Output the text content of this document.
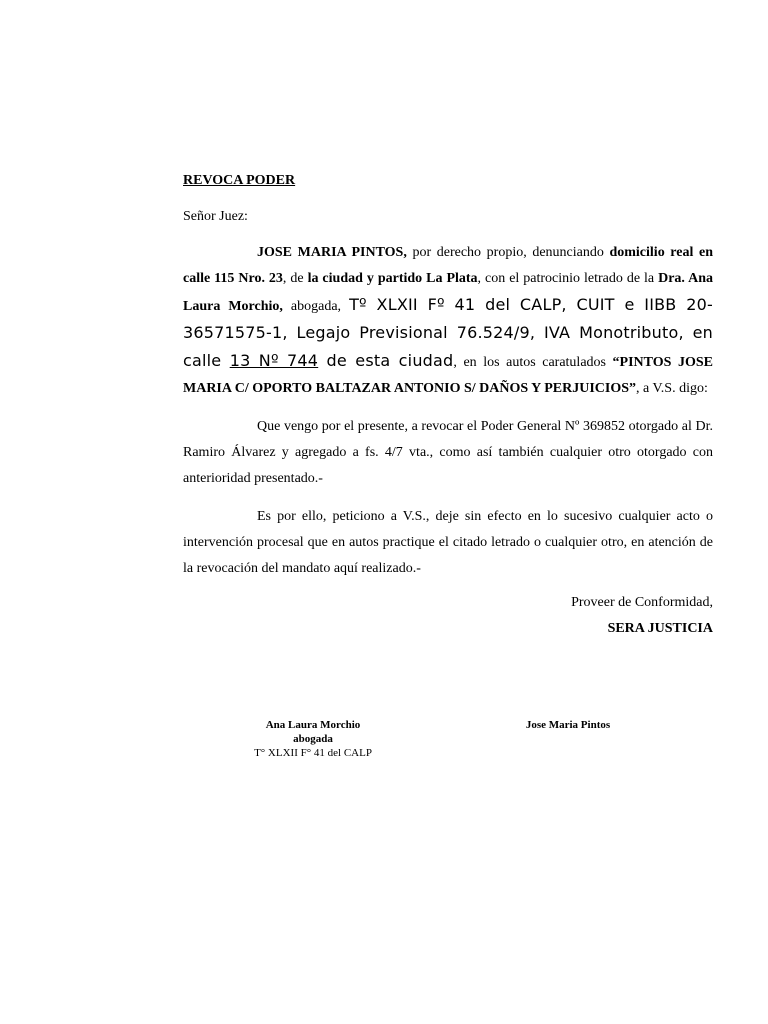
REVOCA PODER

Señor Juez:

JOSE MARIA PINTOS, por derecho propio, denunciando domicilio real en calle 115 Nro. 23, de la ciudad y partido La Plata, con el patrocinio letrado de la Dra. Ana Laura Morchio, abogada, Tº XLXII Fº 41 del CALP, CUIT e IIBB 20-36571575-1, Legajo Previsional 76.524/9, IVA Monotributo, en calle 13 Nº 744 de esta ciudad, en los autos caratulados “PINTOS JOSE MARIA C/ OPORTO BALTAZAR ANTONIO S/ DAÑOS Y PERJUICIOS”, a V.S. digo:

Que vengo por el presente, a revocar el Poder General Nº 369852 otorgado al Dr. Ramiro Álvarez y agregado a fs. 4/7 vta., como así también cualquier otro otorgado con anterioridad presentado.-

Es por ello, peticiono a V.S., deje sin efecto en lo sucesivo cualquier acto o intervención procesal que en autos practique el citado letrado o cualquier otro, en atención de la revocación del mandato aquí realizado.-

Proveer de Conformidad,
SERA JUSTICIA
Ana Laura Morchio
abogada
T° XLXII F° 41 del CALP
Jose Maria Pintos
